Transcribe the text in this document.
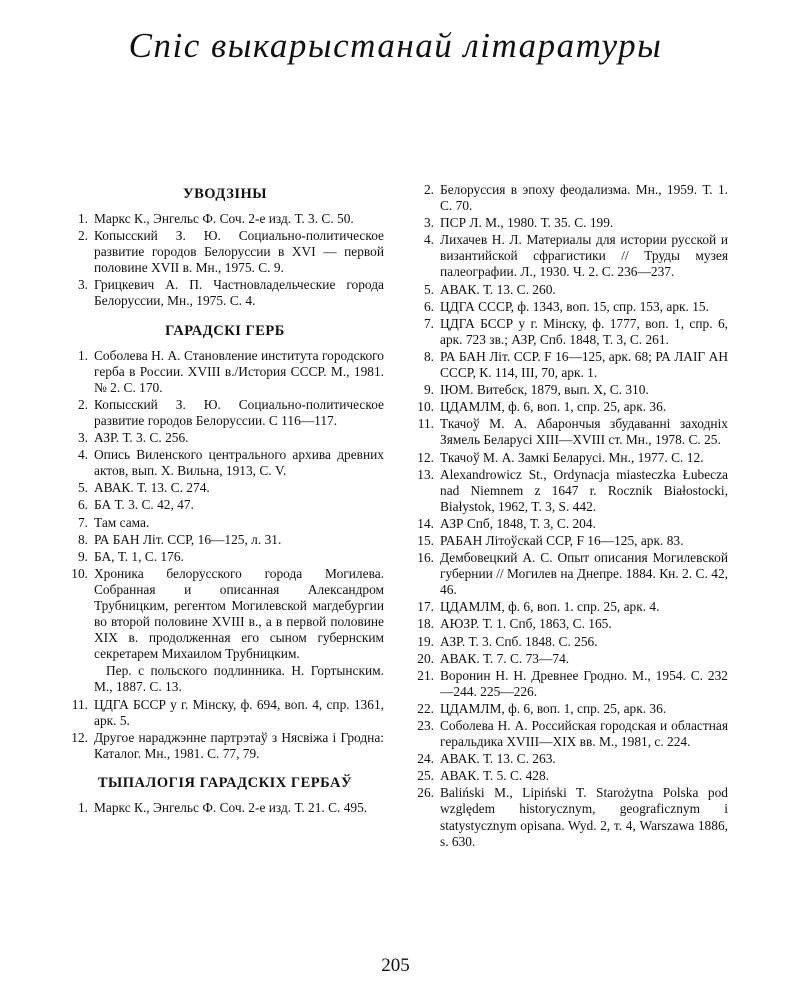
Спіс выкарыстанай літаратуры
УВОДЗІНЫ
1. Маркс К., Энгельс Ф. Соч. 2-е изд. Т. 3. С. 50.
2. Копысский З. Ю. Социально-политическое развитие городов Белоруссии в XVI — первой половине XVII в. Мн., 1975. С. 9.
3. Грицкевич А. П. Частновладельческие города Белоруссии, Мн., 1975. С. 4.
ГАРАДСКІ ГЕРБ
1. Соболева Н. А. Становление института городского герба в России. XVIII в./История СССР. М., 1981. № 2. С. 170.
2. Копысский З. Ю. Социально-политическое развитие городов Белоруссии. С 116—117.
3. АЗР. Т. 3. С. 256.
4. Опись Виленского центрального архива древних актов, вып. X. Вильна, 1913, С. V.
5. АВАК. Т. 13. С. 274.
6. БА Т. 3. С. 42, 47.
7. Там сама.
8. РА БАН Літ. ССР, 16—125, л. 31.
9. БА, Т. 1, С. 176.
10. Хроника белорусского города Могилева. Собранная и описанная Александром Трубницким, регентом Могилевской магдебургии во второй половине XVIII в., а в первой половине XIX в. продолженная его сыном губернским секретарем Михаилом Трубницким.
Пер. с польского подлинника. Н. Гортынским. М., 1887. С. 13.
11. ЦДГА БССР у г. Мінску, ф. 694, воп. 4, спр. 1361, арк. 5.
12. Другое нараджэнне партрэтаў з Нясвіжа і Гродна: Каталог. Мн., 1981. С. 77, 79.
ТЫПАЛОГІЯ ГАРАДСКІХ ГЕРБАЎ
1. Маркс К., Энгельс Ф. Соч. 2-е изд. Т. 21. С. 495.
2. Белоруссия в эпоху феодализма. Мн., 1959. Т. 1. С. 70.
3. ПСР Л. М., 1980. Т. 35. С. 199.
4. Лихачев Н. Л. Материалы для истории русской и византийской сфрагистики // Труды музея палеографии. Л., 1930. Ч. 2. С. 236—237.
5. АВАК. Т. 13. С. 260.
6. ЦДГА СССР, ф. 1343, воп. 15, спр. 153, арк. 15.
7. ЦДГА БССР у г. Мінску, ф. 1777, воп. 1, спр. 6, арк. 723 зв.; АЗР, Спб. 1848, Т. 3, С. 261.
8. РА БАН Літ. ССР. F 16—125, арк. 68; РА ЛАІГ АН СССР, К. 114, III, 70, арк. 1.
9. ІЮМ. Витебск, 1879, вып. X, С. 310.
10. ЦДАМЛМ, ф. 6, воп. 1, спр. 25, арк. 36.
11. Ткачоў М. А. Абарончыя збудаванні заходніх Зямель Беларусі XIII—XVIII ст. Мн., 1978. С. 25.
12. Ткачоў М. А. Замкі Беларусі. Мн., 1977. С. 12.
13. Alexandrowicz St., Ordynacja miasteczka Łubecza nad Niemnem z 1647 r. Rocznik Białostocki, Białystok, 1962, T. 3, S. 442.
14. АЗР Спб, 1848, Т. 3, С. 204.
15. РАБАН Літоўскай ССР, F 16—125, арк. 83.
16. Дембовецкий А. С. Опыт описания Могилевской губернии // Могилев на Днепре. 1884. Кн. 2. С. 42, 46.
17. ЦДАМЛМ, ф. 6, воп. 1. спр. 25, арк. 4.
18. АЮЗР. Т. 1. Спб, 1863, С. 165.
19. АЗР. Т. 3. Спб. 1848. С. 256.
20. АВАК. Т. 7. С. 73—74.
21. Воронин Н. Н. Древнее Гродно. М., 1954. С. 232—244. 225—226.
22. ЦДАМЛМ, ф. 6, воп. 1, спр. 25, арк. 36.
23. Соболева Н. А. Российская городская и областная геральдика XVIII—XIX вв. М., 1981, с. 224.
24. АВАК. Т. 13. С. 263.
25. АВАК. Т. 5. С. 428.
26. Baliński M., Lipiński T. Starożytna Polska pod względem historycznym, geograficznym i statystycznym opisana. Wyd. 2, т. 4, Warszawa 1886, s. 630.
205
